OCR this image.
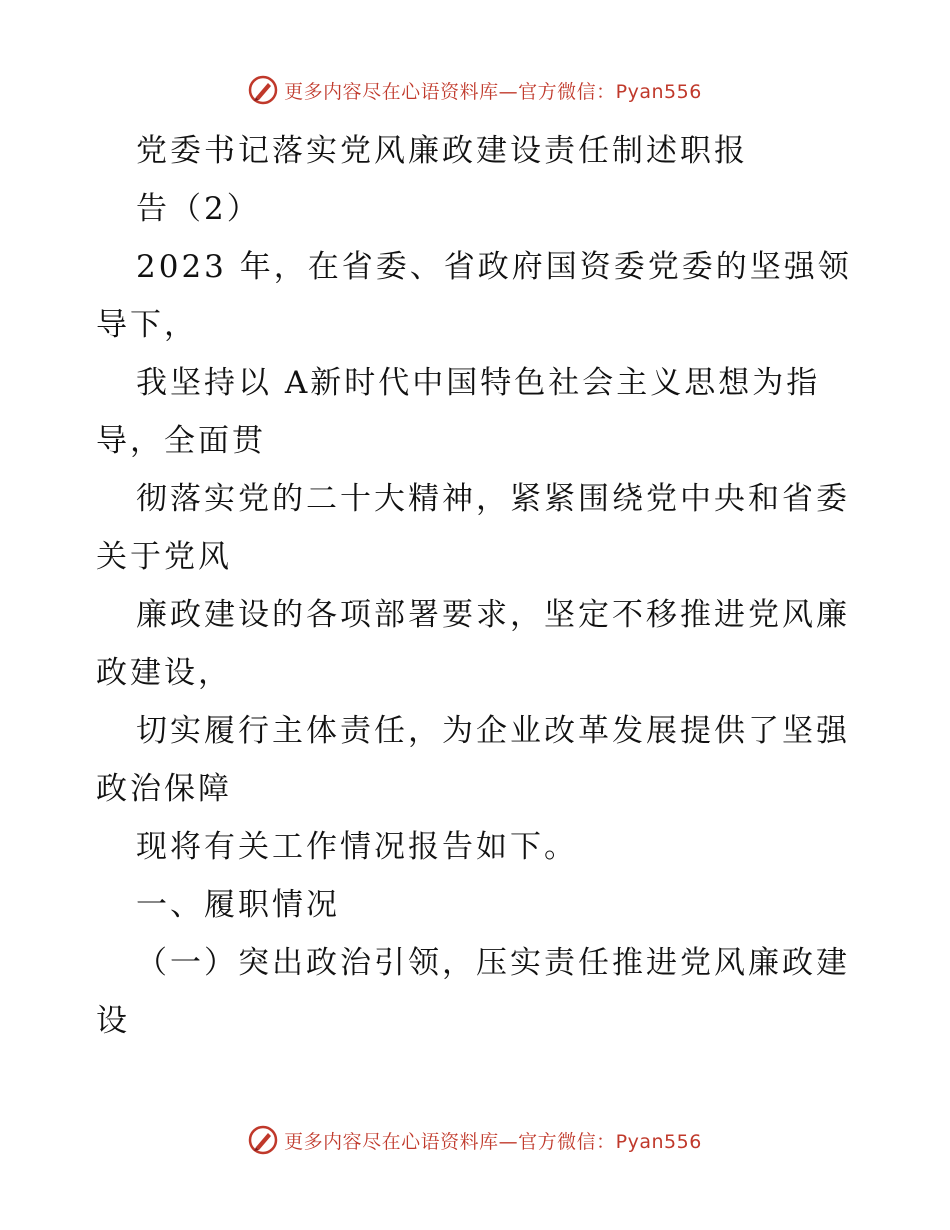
更多内容尽在心语资料库—官方微信：Pyan556
党委书记落实党风廉政建设责任制述职报
告（2）
2023 年，在省委、省政府国资委党委的坚强领
导下，
我坚持以 A新时代中国特色社会主义思想为指
导，全面贯
彻落实党的二十大精神，紧紧围绕党中央和省委
关于党风
廉政建设的各项部署要求，坚定不移推进党风廉
政建设，
切实履行主体责任，为企业改革发展提供了坚强
政治保障
现将有关工作情况报告如下。
一、履职情况
（一）突出政治引领，压实责任推进党风廉政建
设
更多内容尽在心语资料库—官方微信：Pyan556
